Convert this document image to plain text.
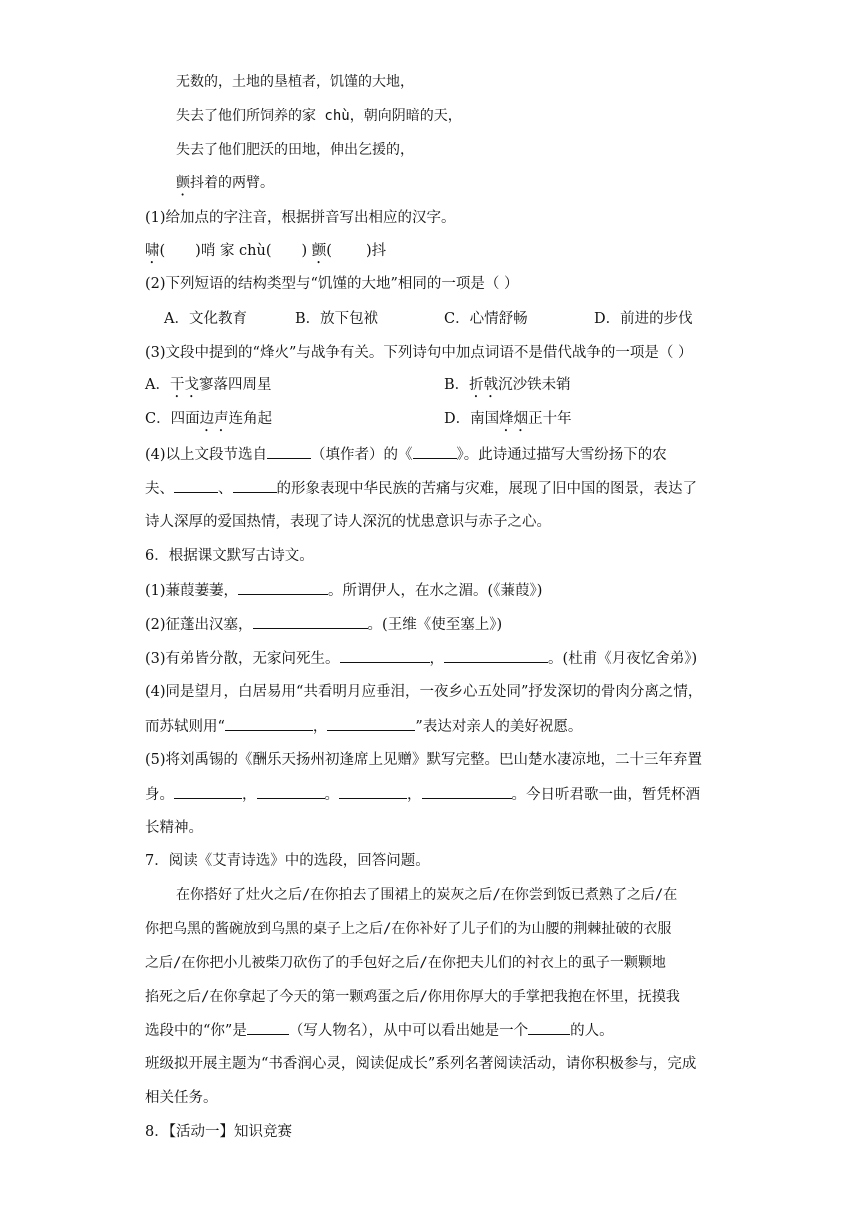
无数的，土地的垦植者，饥馑的大地，
失去了他们所饲养的家 chù，朝向阴暗的天，
失去了他们肥沃的田地，伸出乞援的，
颤抖着的两臂。
(1)给加点的字注音，根据拼音写出相应的汉字。
啸( )哨 家 chù( ) 颤( )抖
(2)下列短语的结构类型与“饥馑的大地”相同的一项是（ ）
A．文化教育	B．放下包袱	C．心情舒畅	D．前进的步伐
(3)文段中提到的“烽火”与战争有关。下列诗句中加点词语不是借代战争的一项是（ ）
A．干戈寥落四周星	B．折戟沉沙铁未销
C．四面边声连角起	D．南国烽烟正十年
(4)以上文段节选自	（填作者）的《	》。此诗通过描写大雪纷扬下的农
夫、	、	的形象表现中华民族的苦痛与灾难，展现了旧中国的图景，表达了
诗人深厚的爱国热情，表现了诗人深沉的忧患意识与赤子之心。
6．根据课文默写古诗文。
(1)蒹葭萋萋，	。所谓伊人，在水之湄。(《蒹葭》)
(2)征蓬出汉塞，	。(王维《使至塞上》)
(3)有弟皆分散，无家问死生。	，	。(杜甫《月夜忆舍弟》)
(4)同是望月，白居易用“共看明月应垂泪，一夜乡心五处同”抒发深切的骨肉分离之情，
而苏轼则用“	，	”表达对亲人的美好祝愿。
(5)将刘禹锡的《酬乐天扬州初逢席上见赠》默写完整。巴山楚水凄凉地，二十三年弃置
身。	，	。	，	。今日听君歌一曲，暂凭杯酒
长精神。
7．阅读《艾青诗选》中的选段，回答问题。
在你搭好了灶火之后/在你拍去了围裙上的炭灰之后/在你尝到饭已煮熟了之后/在
你把乌黑的酱碗放到乌黑的桌子上之后/在你补好了儿子们的为山腰的荆棘扯破的衣服
之后/在你把小儿被柴刀砍伤了的手包好之后/在你把夫儿们的衬衣上的虱子一颗颗地
掐死之后/在你拿起了今天的第一颗鸡蛋之后/你用你厚大的手掌把我抱在怀里，抚摸我
选段中的“你”是	（写人物名），从中可以看出她是一个	的人。
班级拟开展主题为“书香润心灵，阅读促成长”系列名著阅读活动，请你积极参与，完成
相关任务。
8．【活动一】知识竞赛
